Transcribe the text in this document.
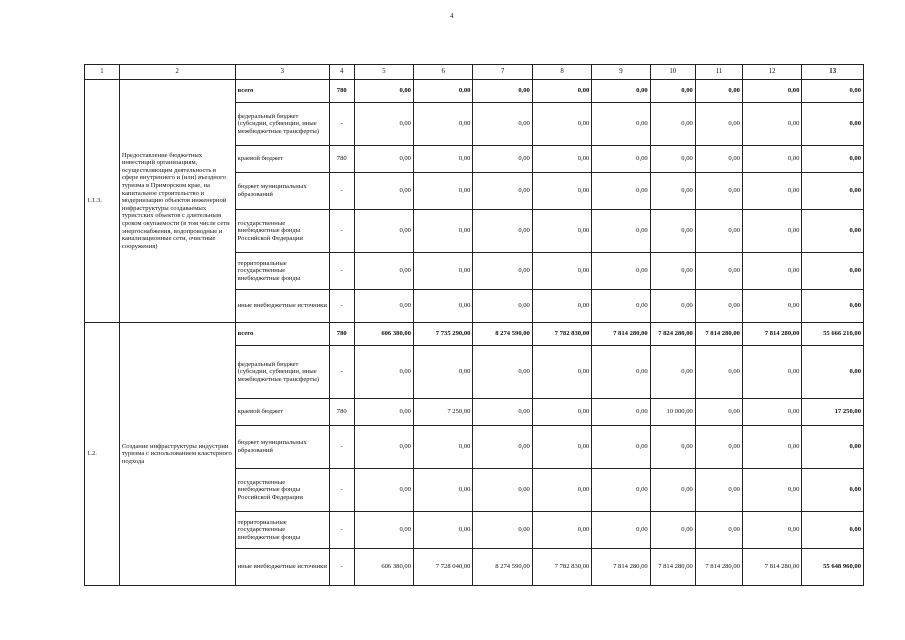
4
1	2	3	4	5	6	7	8	9	10	11	12	13
1.1.3.	Предоставление бюджетных инвестиций организациям, осуществляющим деятельность в сфере внутреннего и (или) въездного туризма в Приморском крае, на капитальное строительство и модернизацию объектов инженерной инфраструктуры создаваемых туристских объектов с длительным сроком окупаемости (в том числе сети энергоснабжения, водопроводные и канализационные сети, очистные сооружения)	всего	780	0,00	0,00	0,00	0,00	0,00	0,00	0,00	0,00	0,00
		федеральный бюджет (субсидии, субвенции, иные межбюджетные трансферты)	-	0,00	0,00	0,00	0,00	0,00	0,00	0,00	0,00	0,00
		краевой бюджет	780	0,00	0,00	0,00	0,00	0,00	0,00	0,00	0,00	0,00
		бюджет муниципальных образований	-	0,00	0,00	0,00	0,00	0,00	0,00	0,00	0,00	0,00
		государственные внебюджетные фонды Российской Федерации	-	0,00	0,00	0,00	0,00	0,00	0,00	0,00	0,00	0,00
		территориальные государственные внебюджетные фонды	-	0,00	0,00	0,00	0,00	0,00	0,00	0,00	0,00	0,00
		иные внебюджетные источники	-	0,00	0,00	0,00	0,00	0,00	0,00	0,00	0,00	0,00
1.2.	Создание инфраструктуры индустрии туризма с использованием кластерного подхода	всего	780	606 380,00	7 735 290,00	8 274 590,00	7 782 830,00	7 814 280,00	7 824 280,00	7 814 280,00	7 814 280,00	55 666 210,00
		федеральный бюджет (субсидии, субвенции, иные межбюджетные трансферты)	-	0,00	0,00	0,00	0,00	0,00	0,00	0,00	0,00	0,00
		краевой бюджет	780	0,00	7 250,00	0,00	0,00	0,00	10 000,00	0,00	0,00	17 250,00
		бюджет муниципальных образований	-	0,00	0,00	0,00	0,00	0,00	0,00	0,00	0,00	0,00
		государственные внебюджетные фонды Российской Федерации	-	0,00	0,00	0,00	0,00	0,00	0,00	0,00	0,00	0,00
		территориальные государственные внебюджетные фонды	-	0,00	0,00	0,00	0,00	0,00	0,00	0,00	0,00	0,00
		иные внебюджетные источники	-	606 380,00	7 728 040,00	8 274 590,00	7 782 830,00	7 814 280,00	7 814 280,00	7 814 280,00	7 814 280,00	55 648 960,00
